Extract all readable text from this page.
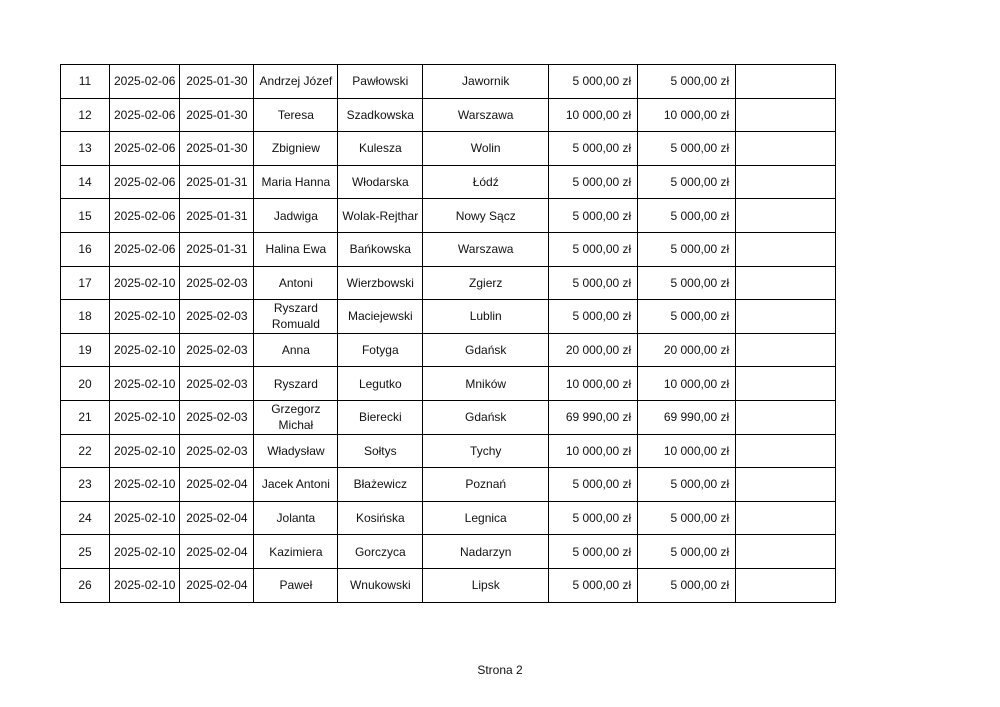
11	2025-02-06	2025-01-30	Andrzej Józef	Pawłowski	Jawornik	5 000,00 zł	5 000,00 zł	
12	2025-02-06	2025-01-30	Teresa	Szadkowska	Warszawa	10 000,00 zł	10 000,00 zł	
13	2025-02-06	2025-01-30	Zbigniew	Kulesza	Wolin	5 000,00 zł	5 000,00 zł	
14	2025-02-06	2025-01-31	Maria Hanna	Włodarska	Łódź	5 000,00 zł	5 000,00 zł	
15	2025-02-06	2025-01-31	Jadwiga	Wolak-Rejthar	Nowy Sącz	5 000,00 zł	5 000,00 zł	
16	2025-02-06	2025-01-31	Halina Ewa	Bańkowska	Warszawa	5 000,00 zł	5 000,00 zł	
17	2025-02-10	2025-02-03	Antoni	Wierzbowski	Zgierz	5 000,00 zł	5 000,00 zł	
18	2025-02-10	2025-02-03	Ryszard Romuald	Maciejewski	Lublin	5 000,00 zł	5 000,00 zł	
19	2025-02-10	2025-02-03	Anna	Fotyga	Gdańsk	20 000,00 zł	20 000,00 zł	
20	2025-02-10	2025-02-03	Ryszard	Legutko	Mników	10 000,00 zł	10 000,00 zł	
21	2025-02-10	2025-02-03	Grzegorz Michał	Bierecki	Gdańsk	69 990,00 zł	69 990,00 zł	
22	2025-02-10	2025-02-03	Władysław	Sołtys	Tychy	10 000,00 zł	10 000,00 zł	
23	2025-02-10	2025-02-04	Jacek Antoni	Błażewicz	Poznań	5 000,00 zł	5 000,00 zł	
24	2025-02-10	2025-02-04	Jolanta	Kosińska	Legnica	5 000,00 zł	5 000,00 zł	
25	2025-02-10	2025-02-04	Kazimiera	Gorczyca	Nadarzyn	5 000,00 zł	5 000,00 zł	
26	2025-02-10	2025-02-04	Paweł	Wnukowski	Lipsk	5 000,00 zł	5 000,00 zł	
Strona 2
